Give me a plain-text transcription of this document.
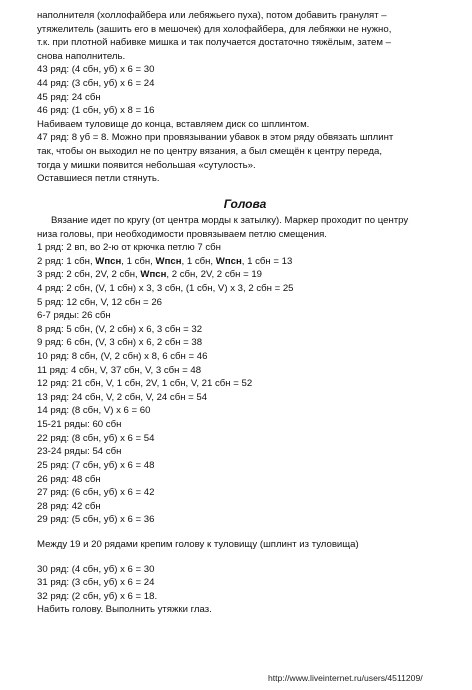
наполнителя (холлофайбера или лебяжьего пуха), потом добавить гранулят –

утяжелитель (зашить его в мешочек) для холофайбера, для лебяжки не нужно,

т.к. при плотной набивке мишка и так получается достаточно тяжёлым, затем –

снова наполнитель.

43 ряд: (4 сбн, уб) х 6 = 30

44 ряд: (3 сбн, уб) х 6 = 24

45 ряд: 24 сбн

46 ряд: (1 сбн, уб) х 8 = 16

Набиваем туловище до конца, вставляем диск со шплинтом.

47 ряд: 8 уб = 8. Можно при провязывании убавок в этом ряду обвязать шплинт

так, чтобы он выходил не по центру вязания, а был смещён к центру переда,

тогда у мишки появится небольшая «сутулость».

Оставшиеся петли стянуть.

Голова

Вязание идет по кругу (от центра морды к затылку). Маркер проходит по центру

низа головы, при необходимости провязываем петлю смещения.

1 ряд: 2 вп, во 2-ю от крючка петлю 7 сбн

2 ряд: 1 сбн, Wпсн, 1 сбн, Wпсн, 1 сбн, Wпсн, 1 сбн = 13

3 ряд: 2 сбн, 2V, 2 сбн, Wпсн, 2 сбн, 2V, 2 сбн = 19

4 ряд: 2 сбн, (V, 1 сбн) х 3, 3 сбн, (1 сбн, V) х 3, 2 сбн = 25

5 ряд: 12 сбн, V, 12 сбн = 26

6-7 ряды: 26 сбн

8 ряд: 5 сбн, (V, 2 сбн) х 6, 3 сбн = 32

9 ряд: 6 сбн, (V, 3 сбн) х 6, 2 сбн = 38

10 ряд: 8 сбн, (V, 2 сбн) х 8, 6 сбн = 46

11 ряд: 4 сбн, V, 37 сбн, V, 3 сбн = 48

12 ряд: 21 сбн, V, 1 сбн, 2V, 1 сбн, V, 21 сбн = 52

13 ряд: 24 сбн, V, 2 сбн, V, 24 сбн = 54

14 ряд: (8 сбн, V) х 6 = 60

15-21 ряды: 60 сбн

22 ряд: (8 сбн, уб) х 6 = 54

23-24 ряды: 54 сбн

25 ряд: (7 сбн, уб) х 6 = 48

26 ряд: 48 сбн

27 ряд: (6 сбн, уб) х 6 = 42

28 ряд: 42 сбн

29 ряд: (5 сбн, уб) х 6 = 36

Между 19 и 20 рядами крепим голову к туловищу (шплинт из туловища)

30 ряд: (4 сбн, уб) х 6 = 30

31 ряд: (3 сбн, уб) х 6 = 24

32 ряд: (2 сбн, уб) х 6 = 18.

Набить голову. Выполнить утяжки глаз.

http://www.liveinternet.ru/users/4511209/
